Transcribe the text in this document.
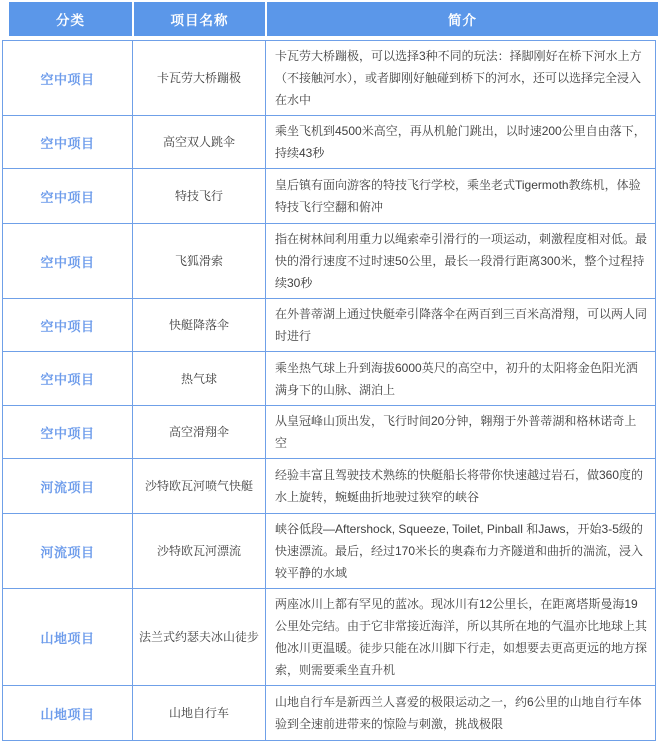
分类	项目名称	简介
空中项目	卡瓦劳大桥蹦极	卡瓦劳大桥蹦极，可以选择3种不同的玩法：择脚刚好在桥下河水上方（不接触河水），或者脚刚好触碰到桥下的河水，还可以选择完全浸入在水中
空中项目	高空双人跳伞	乘坐飞机到4500米高空，再从机舱门跳出，以时速200公里自由落下，持续43秒
空中项目	特技飞行	皇后镇有面向游客的特技飞行学校，乘坐老式Tigermoth教练机，体验特技飞行空翻和俯冲
空中项目	飞狐滑索	指在树林间利用重力以绳索牵引滑行的一项运动，刺激程度相对低。最快的滑行速度不过时速50公里，最长一段滑行距离300米，整个过程持续30秒
空中项目	快艇降落伞	在外普蒂湖上通过快艇牵引降落伞在两百到三百米高滑翔，可以两人同时进行
空中项目	热气球	乘坐热气球上升到海拔6000英尺的高空中，初升的太阳将金色阳光洒满身下的山脉、湖泊上
空中项目	高空滑翔伞	从皇冠峰山顶出发，飞行时间20分钟，翱翔于外普蒂湖和格林诺奇上空
河流项目	沙特欧瓦河喷气快艇	经验丰富且驾驶技术熟练的快艇船长将带你快速越过岩石，做360度的水上旋转，蜿蜒曲折地驶过狭窄的峡谷
河流项目	沙特欧瓦河漂流	峡谷低段—Aftershock, Squeeze, Toilet, Pinball 和Jaws，开始3-5级的快速漂流。最后，经过170米长的奥森布力齐隧道和曲折的湍流，浸入较平静的水域
山地项目	法兰式约瑟夫冰山徒步	两座冰川上都有罕见的蓝冰。现冰川有12公里长，在距离塔斯曼海19公里处完结。由于它非常接近海洋，所以其所在地的气温亦比地球上其他冰川更温暖。徒步只能在冰川脚下行走，如想要去更高更远的地方探索，则需要乘坐直升机
山地项目	山地自行车	山地自行车是新西兰人喜爱的极限运动之一，约6公里的山地自行车体验到全速前进带来的惊险与刺激，挑战极限
